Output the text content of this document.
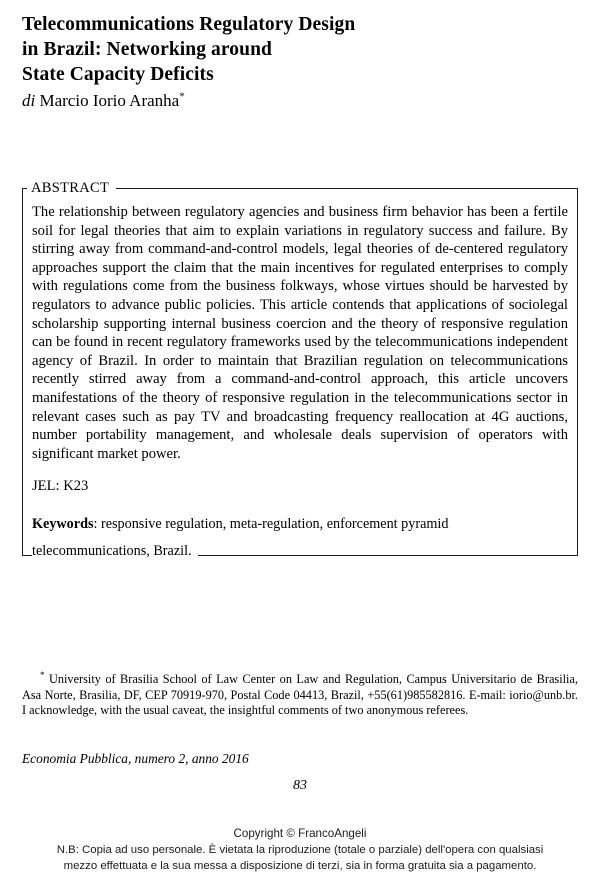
Telecommunications Regulatory Design
in Brazil: Networking around
State Capacity Deficits
di Marcio Iorio Aranha*
ABSTRACT

The relationship between regulatory agencies and business firm behavior has been a fertile soil for legal theories that aim to explain variations in regulatory success and failure. By stirring away from command-and-control models, legal theories of de-centered regulatory approaches support the claim that the main incentives for regulated enterprises to comply with regulations come from the business folkways, whose virtues should be harvested by regulators to advance public policies. This article contends that applications of sociolegal scholarship supporting internal business coercion and the theory of responsive regulation can be found in recent regulatory frameworks used by the telecommunications independent agency of Brazil. In order to maintain that Brazilian regulation on telecommunications recently stirred away from a command-and-control approach, this article uncovers manifestations of the theory of responsive regulation in the telecommunications sector in relevant cases such as pay TV and broadcasting frequency reallocation at 4G auctions, number portability management, and wholesale deals supervision of operators with significant market power.

JEL: K23
Keywords: responsive regulation, meta-regulation, enforcement pyramid
telecommunications, Brazil.
* University of Brasilia School of Law Center on Law and Regulation, Campus Universitario de Brasilia, Asa Norte, Brasilia, DF, CEP 70919-970, Postal Code 04413, Brazil, +55(61)985582816. E-mail: iorio@unb.br. I acknowledge, with the usual caveat, the insightful comments of two anonymous referees.
Economia Pubblica, numero 2, anno 2016
83
Copyright © FrancoAngeli
N.B: Copia ad uso personale. È vietata la riproduzione (totale o parziale) dell'opera con qualsiasi
mezzo effettuata e la sua messa a disposizione di terzi, sia in forma gratuita sia a pagamento.
